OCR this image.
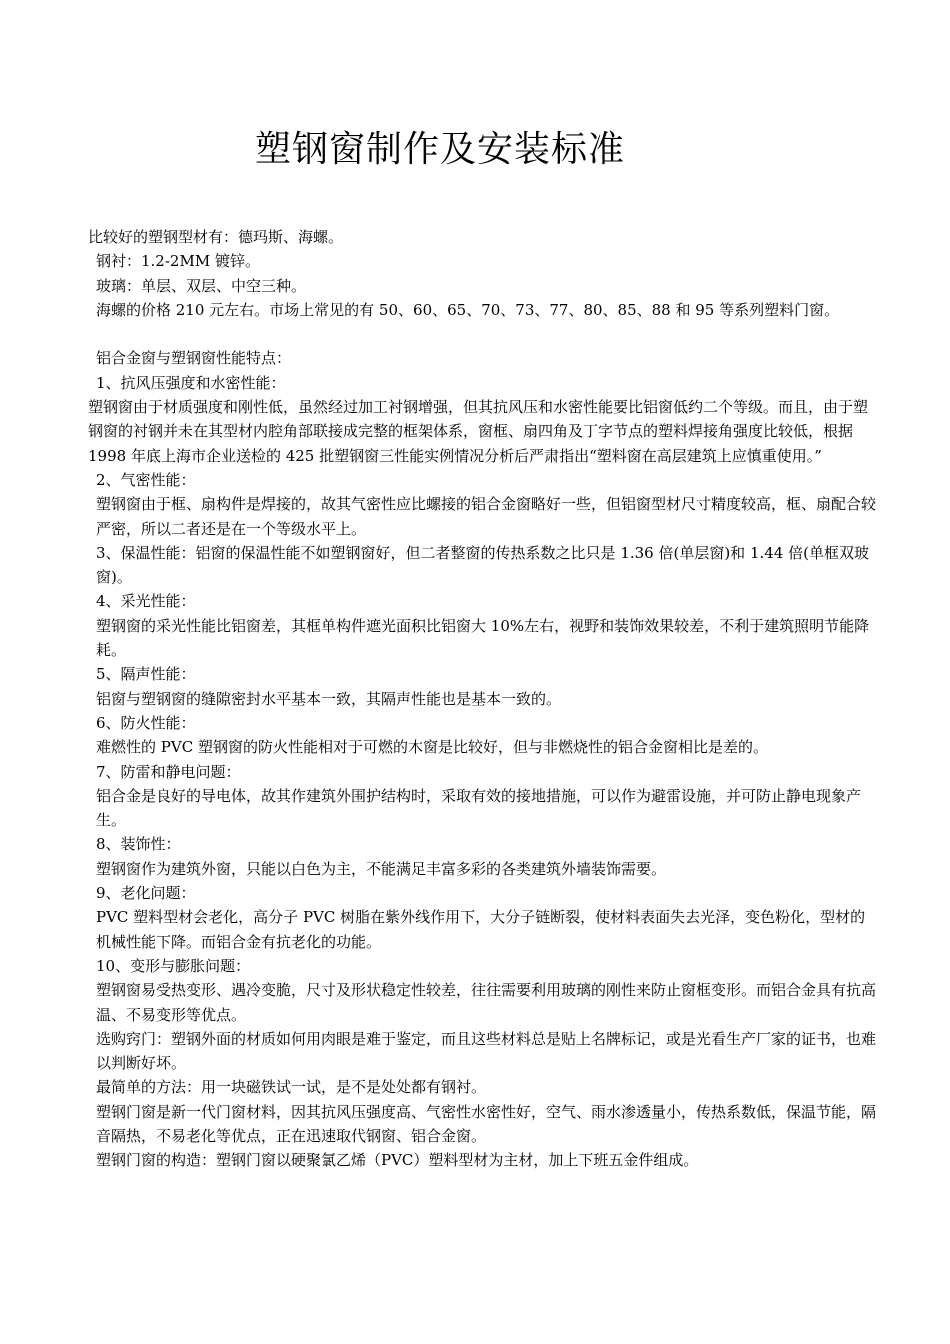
塑钢窗制作及安装标准

比较好的塑钢型材有：德玛斯、海螺。

钢衬：1.2-2MM 镀锌。

玻璃：单层、双层、中空三种。

海螺的价格 210 元左右。市场上常见的有 50、60、65、70、73、77、80、85、88 和 95 等系列塑料门窗。

铝合金窗与塑钢窗性能特点：

1、抗风压强度和水密性能：

塑钢窗由于材质强度和刚性低，虽然经过加工衬钢增强，但其抗风压和水密性能要比铝窗低约二个等级。而且，由于塑钢窗的衬钢并未在其型材内腔角部联接成完整的框架体系，窗框、扇四角及丁字节点的塑料焊接角强度比较低，根据 1998 年底上海市企业送检的 425 批塑钢窗三性能实例情况分析后严肃指出“塑料窗在高层建筑上应慎重使用。”

2、气密性能：

塑钢窗由于框、扇构件是焊接的，故其气密性应比螺接的铝合金窗略好一些，但铝窗型材尺寸精度较高，框、扇配合较严密，所以二者还是在一个等级水平上。

3、保温性能：铝窗的保温性能不如塑钢窗好，但二者整窗的传热系数之比只是 1.36 倍(单层窗)和 1.44 倍(单框双玻窗)。

4、采光性能：

塑钢窗的采光性能比铝窗差，其框单构件遮光面积比铝窗大 10%左右，视野和装饰效果较差，不利于建筑照明节能降耗。

5、隔声性能：

铝窗与塑钢窗的缝隙密封水平基本一致，其隔声性能也是基本一致的。

6、防火性能：

难燃性的 PVC 塑钢窗的防火性能相对于可燃的木窗是比较好，但与非燃烧性的铝合金窗相比是差的。

7、防雷和静电问题：

铝合金是良好的导电体，故其作建筑外围护结构时，采取有效的接地措施，可以作为避雷设施，并可防止静电现象产生。

8、装饰性：

塑钢窗作为建筑外窗，只能以白色为主，不能满足丰富多彩的各类建筑外墙装饰需要。

9、老化问题：

PVC 塑料型材会老化，高分子 PVC 树脂在紫外线作用下，大分子链断裂，使材料表面失去光泽，变色粉化，型材的机械性能下降。而铝合金有抗老化的功能。

10、变形与膨胀问题：

塑钢窗易受热变形、遇冷变脆，尺寸及形状稳定性较差，往往需要利用玻璃的刚性来防止窗框变形。而铝合金具有抗高温、不易变形等优点。

选购窍门：塑钢外面的材质如何用肉眼是难于鉴定，而且这些材料总是贴上名牌标记，或是光看生产厂家的证书，也难以判断好坏。

最简单的方法：用一块磁铁试一试，是不是处处都有钢衬。

塑钢门窗是新一代门窗材料，因其抗风压强度高、气密性水密性好，空气、雨水渗透量小，传热系数低，保温节能，隔音隔热，不易老化等优点，正在迅速取代钢窗、铝合金窗。

塑钢门窗的构造：塑钢门窗以硬聚氯乙烯（PVC）塑料型材为主材，加上下班五金件组成。
